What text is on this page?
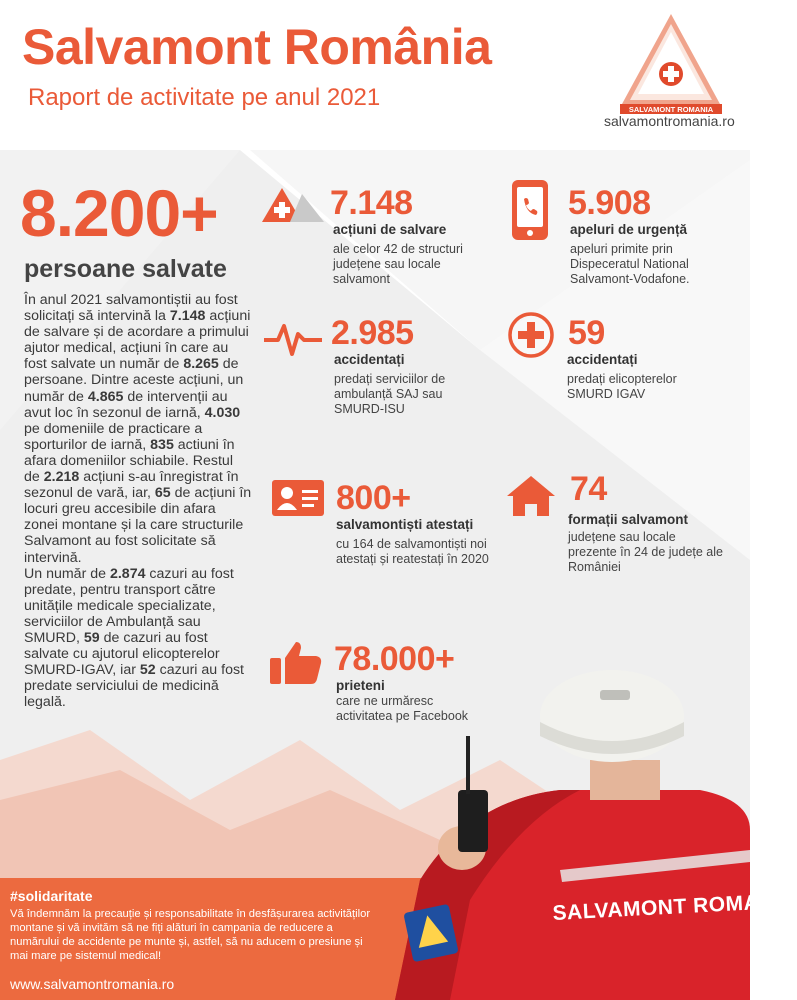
Salvamont România
Raport de activitate pe anul 2021	SALVAMONT ROMANIA
salvamontromania.ro
8.200+
persoane salvate
În anul 2021 salvamontiștii au fost solicitați să intervină la 7.148 acțiuni de salvare și de acordare a primului ajutor medical, acțiuni în care au fost salvate un număr de 8.265 de persoane. Dintre aceste acțiuni, un număr de 4.865 de intervenții au avut loc în sezonul de iarnă, 4.030 pe domeniile de practicare a sporturilor de iarnă, 835 actiuni în afara domeniilor schiabile. Restul de 2.218 acțiuni s-au înregistrat în sezonul de vară, iar, 65 de acțiuni în locuri greu accesibile din afara zonei montane și la care structurile Salvamont au fost solicitate să intervină.
Un număr de 2.874 cazuri au fost predate, pentru transport către unitățile medicale specializate, serviciilor de Ambulanță sau SMURD, 59 de cazuri au fost salvate cu ajutorul elicopterelor SMURD-IGAV, iar 52 cazuri au fost predate serviciului de medicină legală.
7.148
acțiuni de salvare
ale celor 42 de structuri județene sau locale salvamont
5.908
apeluri de urgență
apeluri primite prin Dispeceratul National Salvamont-Vodafone.
2.985
accidentați
predați serviciilor de ambulanță SAJ sau SMURD-ISU
59
accidentați
predați elicopterelor SMURD IGAV
800+
salvamontiști atestați
cu 164 de salvamontiști noi atestați și reatestați în 2020
74
formații salvamont
județene sau locale prezente în 24 de județe ale României
78.000+
prieteni
care ne urmăresc activitatea pe Facebook
#solidaritate
Vă îndemnăm la precauție și responsabilitate în desfășurarea activităților montane și vă invităm să ne fiți alături în campania de reducere a numărului de accidente pe munte și, astfel, să nu aducem o presiune și mai mare pe sistemul medical!
www.salvamontromania.ro
SALVAMONT ROMANIA
